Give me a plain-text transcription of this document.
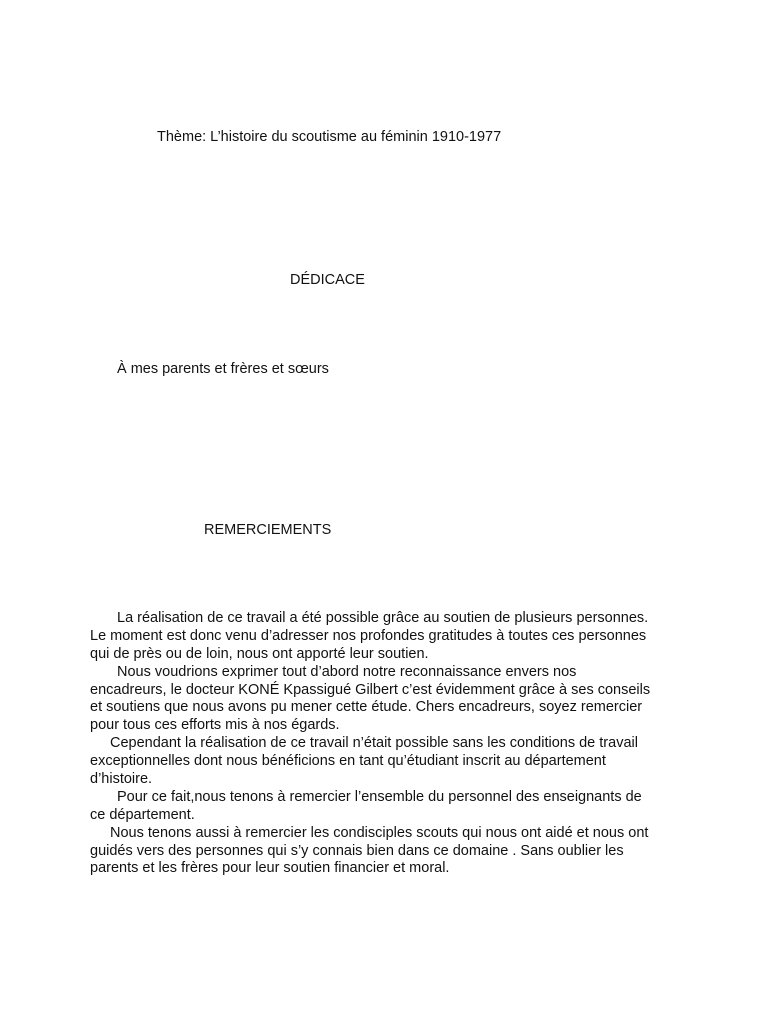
Thème: L’histoire du scoutisme au féminin 1910-1977
DÉDICACE
À mes parents et frères et sœurs
REMERCIEMENTS
La réalisation de ce travail a été possible grâce au soutien de plusieurs personnes.
Le moment est donc venu d’adresser nos profondes gratitudes à toutes ces personnes
qui de près ou de loin, nous ont apporté leur soutien.
Nous voudrions exprimer tout d’abord notre reconnaissance envers nos
encadreurs, le docteur KONÉ Kpassigué Gilbert c’est évidemment grâce à ses conseils
et soutiens que nous avons pu mener cette étude. Chers encadreurs, soyez remercier
pour tous ces efforts mis à nos égards.
Cependant la réalisation de ce travail n’était possible sans les conditions de travail
exceptionnelles dont nous bénéficions en tant qu’étudiant inscrit au département
d’histoire.
Pour ce fait,nous tenons à remercier l’ensemble du personnel des enseignants de
ce département.
Nous tenons aussi à remercier les condisciples scouts qui nous ont aidé et nous ont
guidés vers des personnes qui s’y connais bien dans ce domaine . Sans oublier les
parents et les frères pour leur soutien financier et moral.
